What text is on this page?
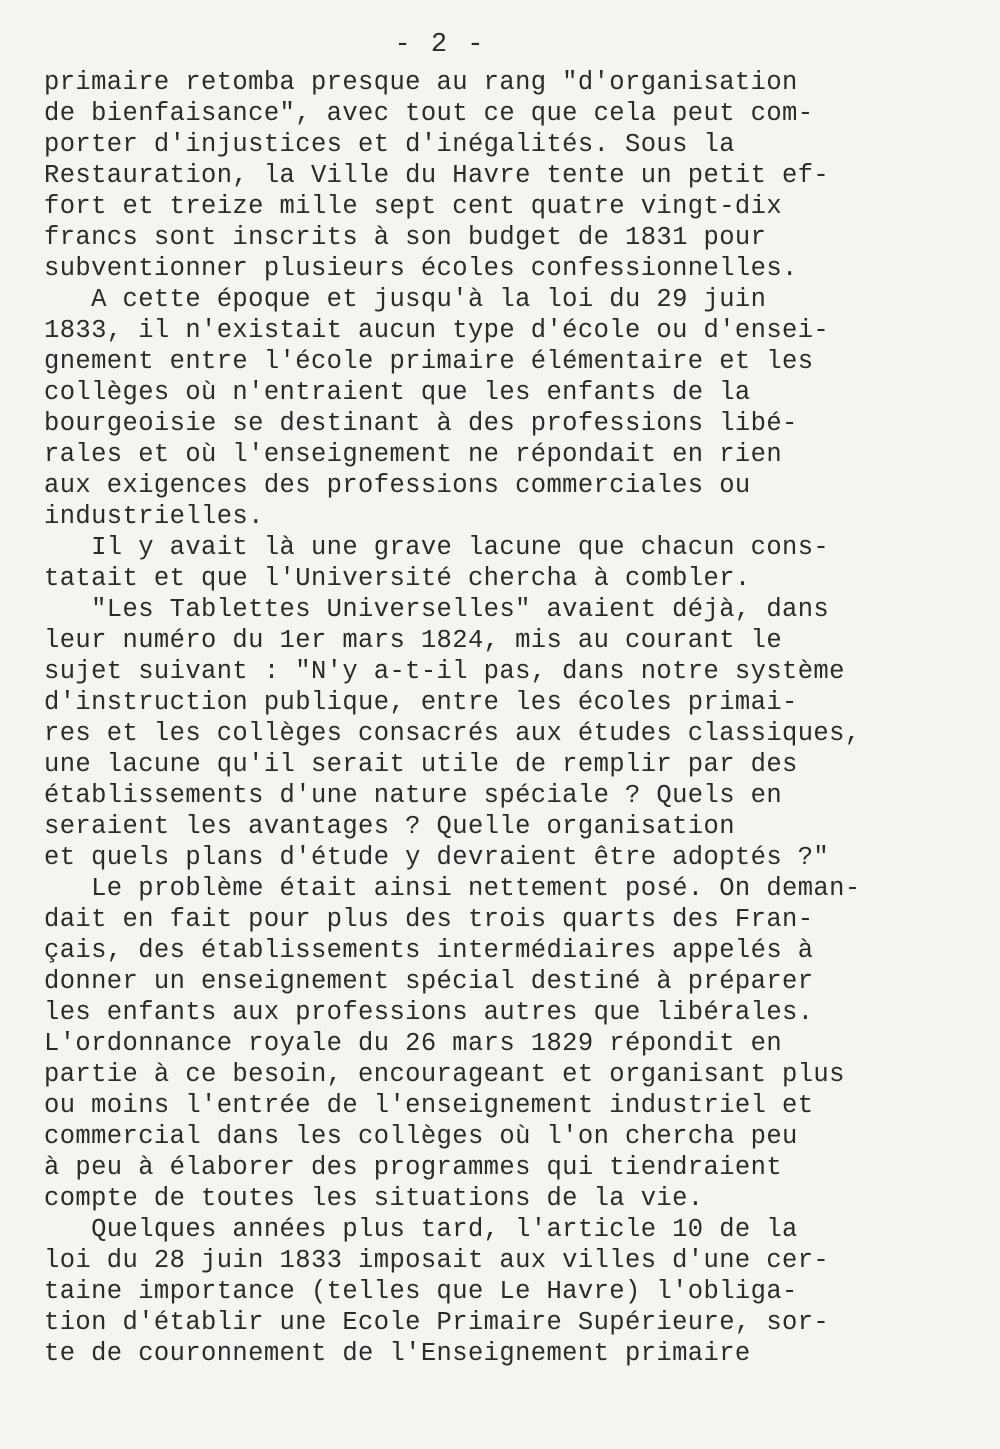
- 2 -
primaire retomba presque au rang "d'organisation
de bienfaisance", avec tout ce que cela peut com-
porter d'injustices et d'inégalités. Sous la
Restauration, la Ville du Havre tente un petit ef-
fort et treize mille sept cent quatre vingt-dix
francs sont inscrits à son budget de 1831 pour
subventionner plusieurs écoles confessionnelles.
A cette époque et jusqu'à la loi du 29 juin
1833, il n'existait aucun type d'école ou d'ensei-
gnement entre l'école primaire élémentaire et les
collèges où n'entraient que les enfants de la
bourgeoisie se destinant à des professions libé-
rales et où l'enseignement ne répondait en rien
aux exigences des professions commerciales ou
industrielles.
Il y avait là une grave lacune que chacun cons-
tatait et que l'Université chercha à combler.
"Les Tablettes Universelles" avaient déjà, dans
leur numéro du 1er mars 1824, mis au courant le
sujet suivant : "N'y a-t-il pas, dans notre système
d'instruction publique, entre les écoles primai-
res et les collèges consacrés aux études classiques,
une lacune qu'il serait utile de remplir par des
établissements d'une nature spéciale ? Quels en
seraient les avantages ? Quelle organisation
et quels plans d'étude y devraient être adoptés ?"
Le problème était ainsi nettement posé. On deman-
dait en fait pour plus des trois quarts des Fran-
çais, des établissements intermédiaires appelés à
donner un enseignement spécial destiné à préparer
les enfants aux professions autres que libérales.
L'ordonnance royale du 26 mars 1829 répondit en
partie à ce besoin, encourageant et organisant plus
ou moins l'entrée de l'enseignement industriel et
commercial dans les collèges où l'on chercha peu
à peu à élaborer des programmes qui tiendraient
compte de toutes les situations de la vie.
Quelques années plus tard, l'article 10 de la
loi du 28 juin 1833 imposait aux villes d'une cer-
taine importance (telles que Le Havre) l'obliga-
tion d'établir une Ecole Primaire Supérieure, sor-
te de couronnement de l'Enseignement primaire
